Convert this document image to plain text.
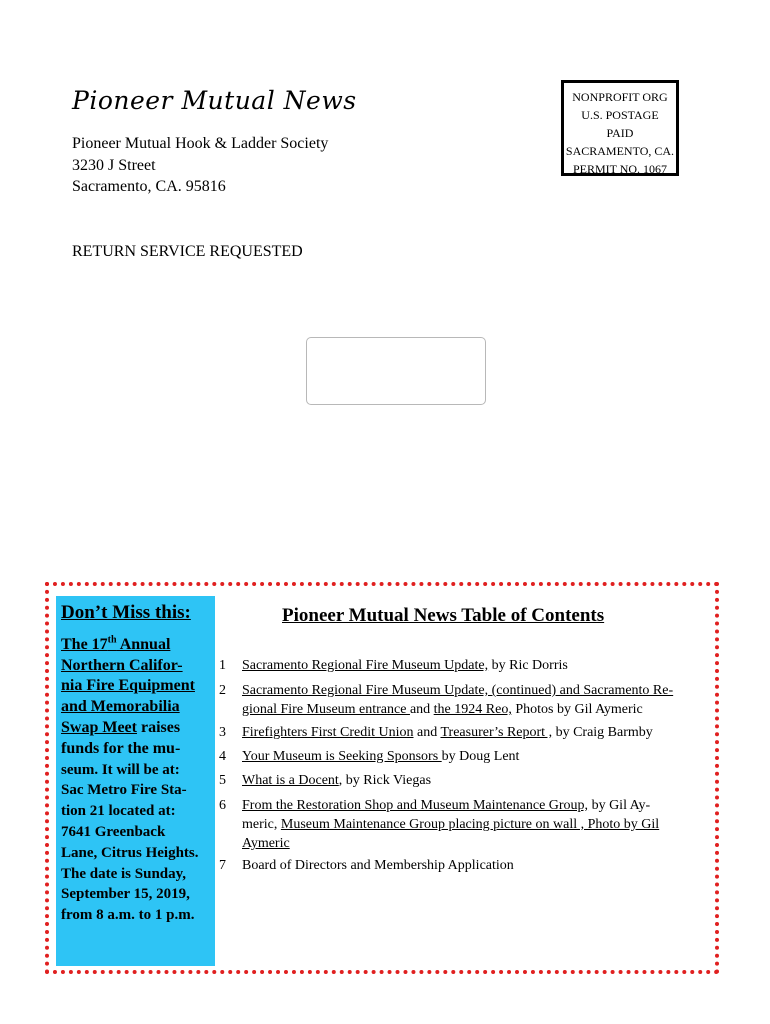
Pioneer Mutual News
Pioneer Mutual Hook & Ladder Society
3230 J Street
Sacramento, CA. 95816
NONPROFIT ORG
U.S. POSTAGE
PAID
SACRAMENTO, CA.
PERMIT NO. 1067
RETURN SERVICE REQUESTED
Don’t Miss this:
The 17th Annual
Northern Califor-
nia Fire Equipment
and Memorabilia
Swap Meet raises
funds for the mu-
seum. It will be at:
Sac Metro Fire Sta-
tion 21 located at:
7641 Greenback
Lane, Citrus Heights.
The date is Sunday,
September 15, 2019,
from 8 a.m. to 1 p.m.
Pioneer Mutual News Table of Contents
1 Sacramento Regional Fire Museum Update, by Ric Dorris
2 Sacramento Regional Fire Museum Update, (continued) and Sacramento Re-
gional Fire Museum entrance and the 1924 Reo, Photos by Gil Aymeric
3 Firefighters First Credit Union and Treasurer’s Report , by Craig Barmby
4 Your Museum is Seeking Sponsors by Doug Lent
5 What is a Docent, by Rick Viegas
6 From the Restoration Shop and Museum Maintenance Group, by Gil Ay-
meric, Museum Maintenance Group placing picture on wall , Photo by Gil
Aymeric
7 Board of Directors and Membership Application
